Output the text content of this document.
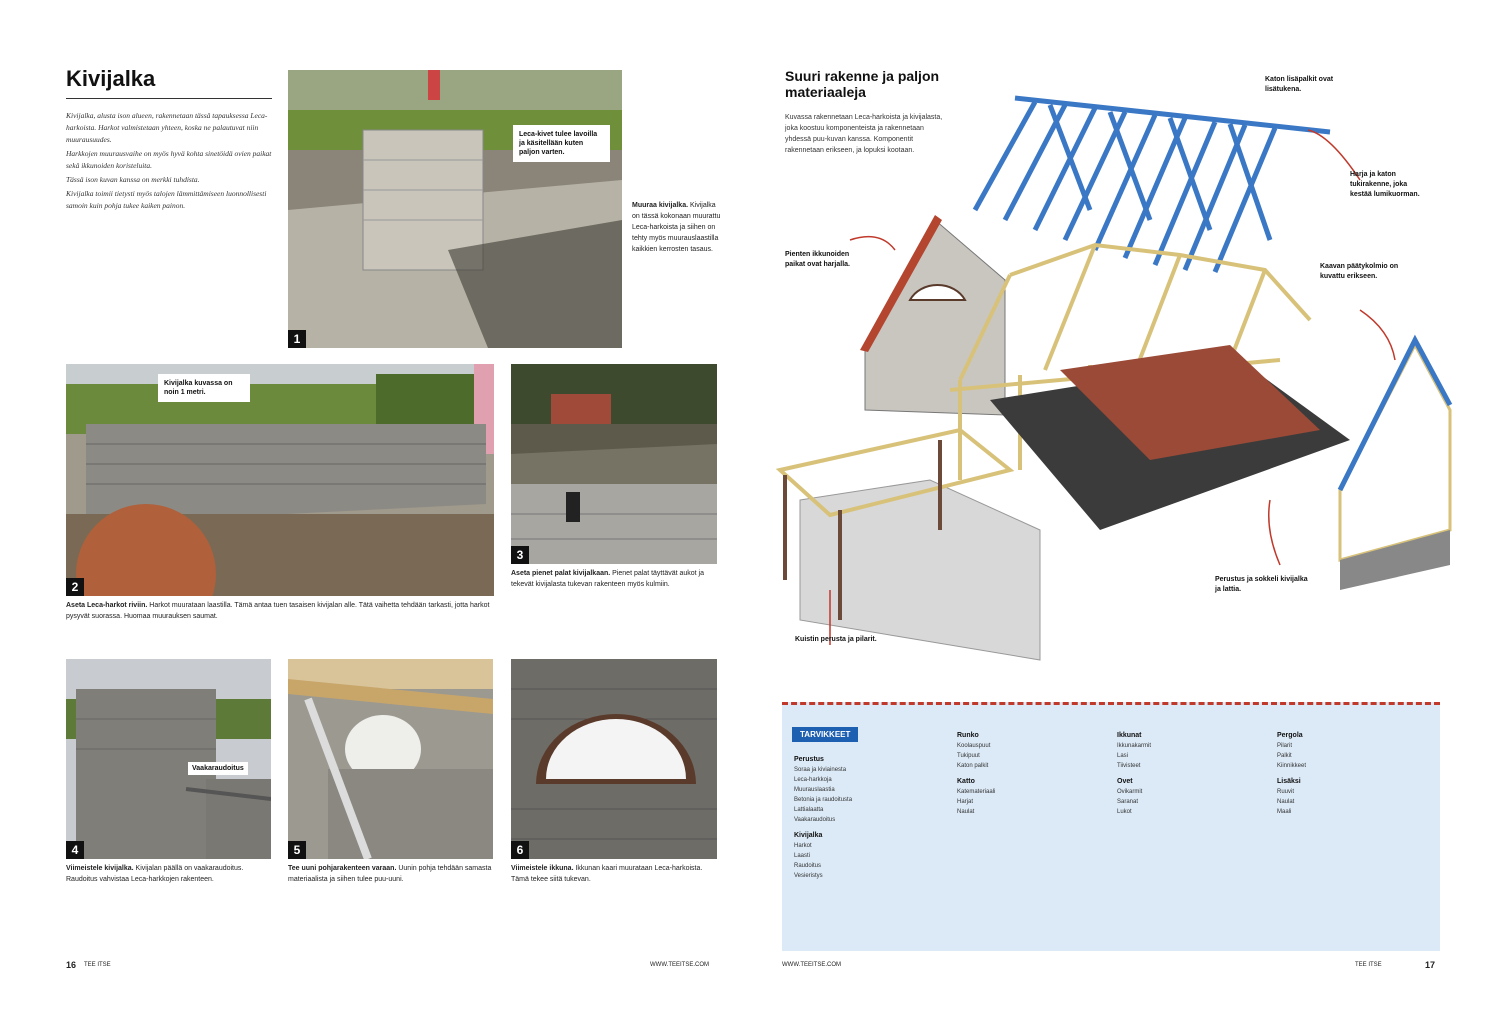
Kivijalka

Kivijalka, alusta ison alueen, rakennetaan tässä tapauksessa Leca-harkoista. Harkot valmistetaan yhteen, koska ne palautuvat niin muurausuudes.

Harkkojen muurausvaihe on myös hyvä kohta sinetöidä ovien paikat sekä ikkunoiden koristeluita.

Tässä ison kuvan kanssa on merkki tuhdista.

Kivijalka toimii tietysti myös talojen lämmittämiseen luonnollisesti samoin kuin pohja tukee kaiken painon.

Leca-kivet tulee lavoilla ja käsitellään kuten paljon varten.
1
Muuraa kivijalka. Kivijalka on tässä kokonaan muurattu Leca-harkoista ja siihen on tehty myös muurauslaastilla kaikkien kerrosten tasaus.
Kivijalka kuvassa on noin 1 metri.
2
Aseta Leca-harkot riviin. Harkot muurataan laastilla. Tämä antaa tuen tasaisen kivijalan alle. Tätä vaihetta tehdään tarkasti, jotta harkot pysyvät suorassa. Huomaa muurauksen saumat.
3
Aseta pienet palat kivijalkaan. Pienet palat täyttävät aukot ja tekevät kivijalasta tukevan rakenteen myös kulmiin.
Vaakaraudoitus
4
Viimeistele kivijalka. Kivijalan päällä on vaakaraudoitus. Raudoitus vahvistaa Leca-harkkojen rakenteen.
5
Tee uuni pohjarakenteen varaan. Uunin pohja tehdään samasta materiaalista ja siihen tulee puu-uuni.
6
Viimeistele ikkuna. Ikkunan kaari muurataan Leca-harkoista. Tämä tekee siitä tukevan.
16 TEE ITSE	WWW.TEEITSE.COM
Suuri rakenne ja paljon
materiaaleja
Kuvassa rakennetaan Leca-harkoista ja kivijalasta, joka koostuu komponenteista ja rakennetaan yhdessä puu-kuvan kanssa. Komponentit rakennetaan erikseen, ja lopuksi kootaan.
Katon lisäpalkit ovat lisätukena.
Harja ja katon tukirakenne, joka kestää lumikuorman.
Kaavan päätykolmio on kuvattu erikseen.
Pienten ikkunoiden paikat ovat harjalla.
Perustus ja sokkeli kivijalka ja lattia.
Kuistin perusta ja pilarit.
TARVIKKEET
Perustus
Soraa ja kiviainesta
Leca-harkkoja
Muurauslaastia
Betonia ja raudoitusta
Lattialaatta
Vaakaraudoitus
Kivijalka
Harkot
Laasti
Raudoitus
Vesieristys
Runko
Koolauspuut
Tukipuut
Katon palkit
Katto
Katemateriaali
Harjat
Naulat
Ikkunat
Ikkunakarmit
Lasi
Tiivisteet
Ovet
Ovikarmit
Saranat
Lukot
Pergola
Pilarit
Palkit
Kiinnikkeet
Lisäksi
Ruuvit
Naulat
Maali
WWW.TEEITSE.COM	TEE ITSE	17
